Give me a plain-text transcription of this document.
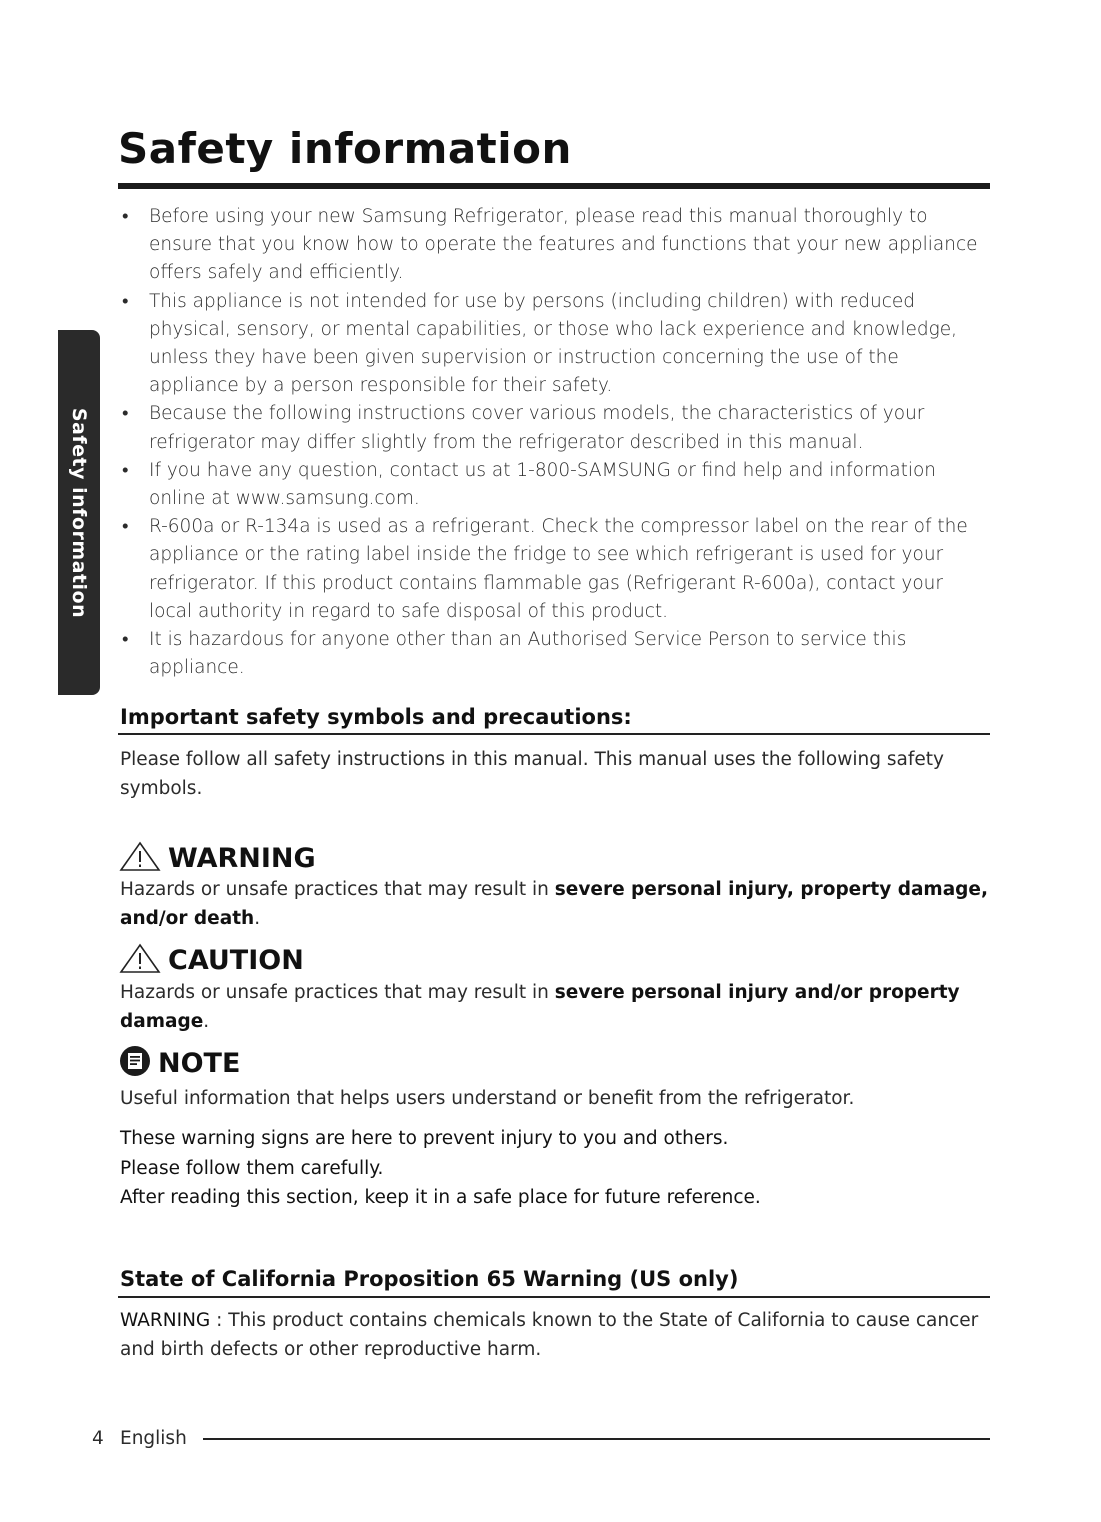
Safety information
Safety information
• Before using your new Samsung Refrigerator, please read this manual thoroughly to ensure that you know how to operate the features and functions that your new appliance offers safely and efficiently.
• This appliance is not intended for use by persons (including children) with reduced physical, sensory, or mental capabilities, or those who lack experience and knowledge, unless they have been given supervision or instruction concerning the use of the appliance by a person responsible for their safety.
• Because the following instructions cover various models, the characteristics of your refrigerator may differ slightly from the refrigerator described in this manual.
• If you have any question, contact us at 1-800-SAMSUNG or find help and information online at www.samsung.com.
• R-600a or R-134a is used as a refrigerant. Check the compressor label on the rear of the appliance or the rating label inside the fridge to see which refrigerant is used for your refrigerator. If this product contains flammable gas (Refrigerant R-600a), contact your local authority in regard to safe disposal of this product.
• It is hazardous for anyone other than an Authorised Service Person to service this appliance.
Important safety symbols and precautions:

Please follow all safety instructions in this manual. This manual uses the following safety symbols.

WARNING

Hazards or unsafe practices that may result in severe personal injury, property damage, and/or death.

CAUTION

Hazards or unsafe practices that may result in severe personal injury and/or property damage.

NOTE

Useful information that helps users understand or benefit from the refrigerator.

These warning signs are here to prevent injury to you and others.
Please follow them carefully.
After reading this section, keep it in a safe place for future reference.
State of California Proposition 65 Warning (US only)

WARNING : This product contains chemicals known to the State of California to cause cancer and birth defects or other reproductive harm.

4 English
